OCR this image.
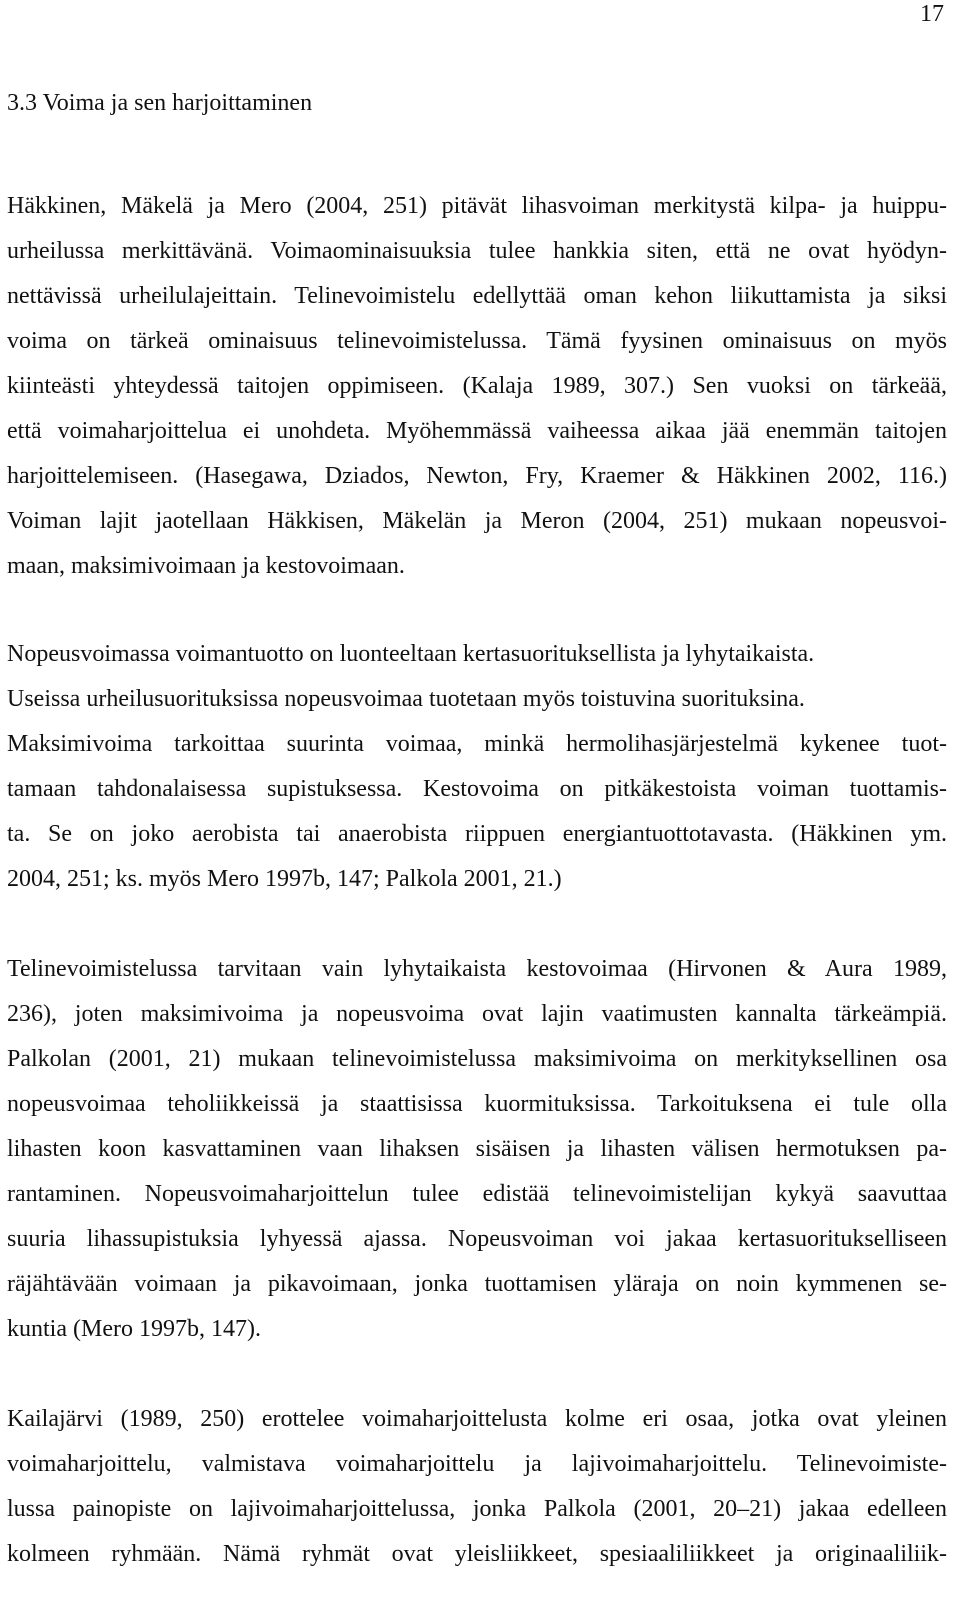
17
3.3 Voima ja sen harjoittaminen
Häkkinen, Mäkelä ja Mero (2004, 251) pitävät lihasvoiman merkitystä kilpa- ja huippu-
urheilussa merkittävänä. Voimaominaisuuksia tulee hankkia siten, että ne ovat hyödyn-
nettävissä urheilulajeittain. Telinevoimistelu edellyttää oman kehon liikuttamista ja siksi
voima on tärkeä ominaisuus telinevoimistelussa. Tämä fyysinen ominaisuus on myös
kiinteästi yhteydessä taitojen oppimiseen. (Kalaja 1989, 307.) Sen vuoksi on tärkeää,
että voimaharjoittelua ei unohdeta. Myöhemmässä vaiheessa aikaa jää enemmän taitojen
harjoittelemiseen. (Hasegawa, Dziados, Newton, Fry, Kraemer & Häkkinen 2002, 116.)
Voiman lajit jaotellaan Häkkisen, Mäkelän ja Meron (2004, 251) mukaan nopeusvoi-
maan, maksimivoimaan ja kestovoimaan.
Nopeusvoimassa voimantuotto on luonteeltaan kertasuorituksellista ja lyhytaikaista.
Useissa urheilusuorituksissa nopeusvoimaa tuotetaan myös toistuvina suorituksina.
Maksimivoima tarkoittaa suurinta voimaa, minkä hermolihasjärjestelmä kykenee tuot-
tamaan tahdonalaisessa supistuksessa. Kestovoima on pitkäkestoista voiman tuottamis-
ta. Se on joko aerobista tai anaerobista riippuen energiantuottotavasta. (Häkkinen ym.
2004, 251; ks. myös Mero 1997b, 147; Palkola 2001, 21.)
Telinevoimistelussa tarvitaan vain lyhytaikaista kestovoimaa (Hirvonen & Aura 1989,
236), joten maksimivoima ja nopeusvoima ovat lajin vaatimusten kannalta tärkeämpiä.
Palkolan (2001, 21) mukaan telinevoimistelussa maksimivoima on merkityksellinen osa
nopeusvoimaa teholiikkeissä ja staattisissa kuormituksissa. Tarkoituksena ei tule olla
lihasten koon kasvattaminen vaan lihaksen sisäisen ja lihasten välisen hermotuksen pa-
rantaminen. Nopeusvoimaharjoittelun tulee edistää telinevoimistelijan kykyä saavuttaa
suuria lihassupistuksia lyhyessä ajassa. Nopeusvoiman voi jakaa kertasuoritukselliseen
räjähtävään voimaan ja pikavoimaan, jonka tuottamisen yläraja on noin kymmenen se-
kuntia (Mero 1997b, 147).
Kailajärvi (1989, 250) erottelee voimaharjoittelusta kolme eri osaa, jotka ovat yleinen
voimaharjoittelu, valmistava voimaharjoittelu ja lajivoimaharjoittelu. Telinevoimiste-
lussa painopiste on lajivoimaharjoittelussa, jonka Palkola (2001, 20–21) jakaa edelleen
kolmeen ryhmään. Nämä ryhmät ovat yleisliikkeet, spesiaaliliikkeet ja originaaliliik-
